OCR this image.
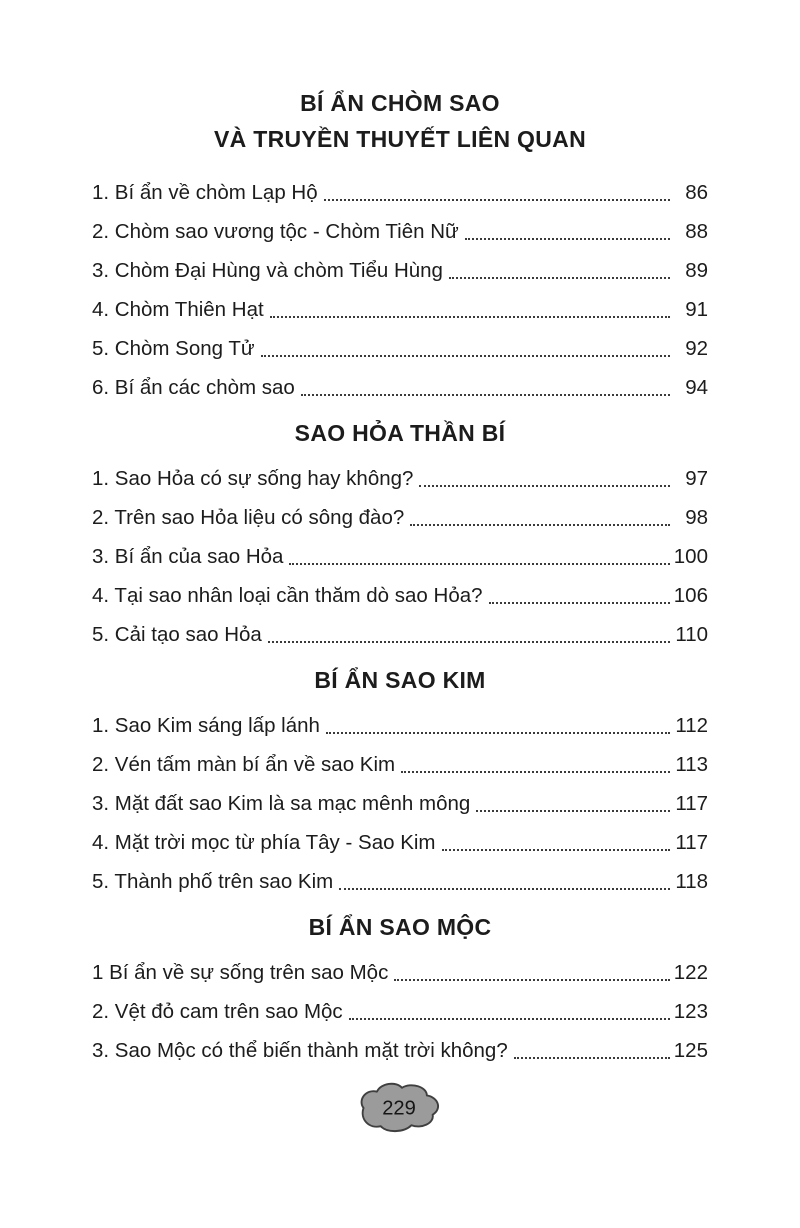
BÍ ẨN CHÒM SAO
VÀ TRUYỀN THUYẾT LIÊN QUAN
1. Bí ẩn về chòm Lạp Hộ	86
2. Chòm sao vương tộc - Chòm Tiên Nữ	88
3. Chòm Đại Hùng và chòm Tiểu Hùng	89
4. Chòm Thiên Hạt	91
5. Chòm Song Tử	92
6. Bí ẩn các chòm sao	94
SAO HỎA THẦN BÍ
1. Sao Hỏa có sự sống hay không?	97
2. Trên sao Hỏa liệu có sông đào?	98
3. Bí ẩn của sao Hỏa	100
4. Tại sao nhân loại cần thăm dò sao Hỏa?	106
5. Cải tạo sao Hỏa	110
BÍ ẨN SAO KIM
1. Sao Kim sáng lấp lánh	112
2. Vén tấm màn bí ẩn về sao Kim	113
3. Mặt đất sao Kim là sa mạc mênh mông	117
4. Mặt trời mọc từ phía Tây - Sao Kim	117
5. Thành phố trên sao Kim	118
BÍ ẨN SAO MỘC
1 Bí ẩn về sự sống trên sao Mộc	122
2. Vệt đỏ cam trên sao Mộc	123
3. Sao Mộc có thể biến thành mặt trời không?	125
229
